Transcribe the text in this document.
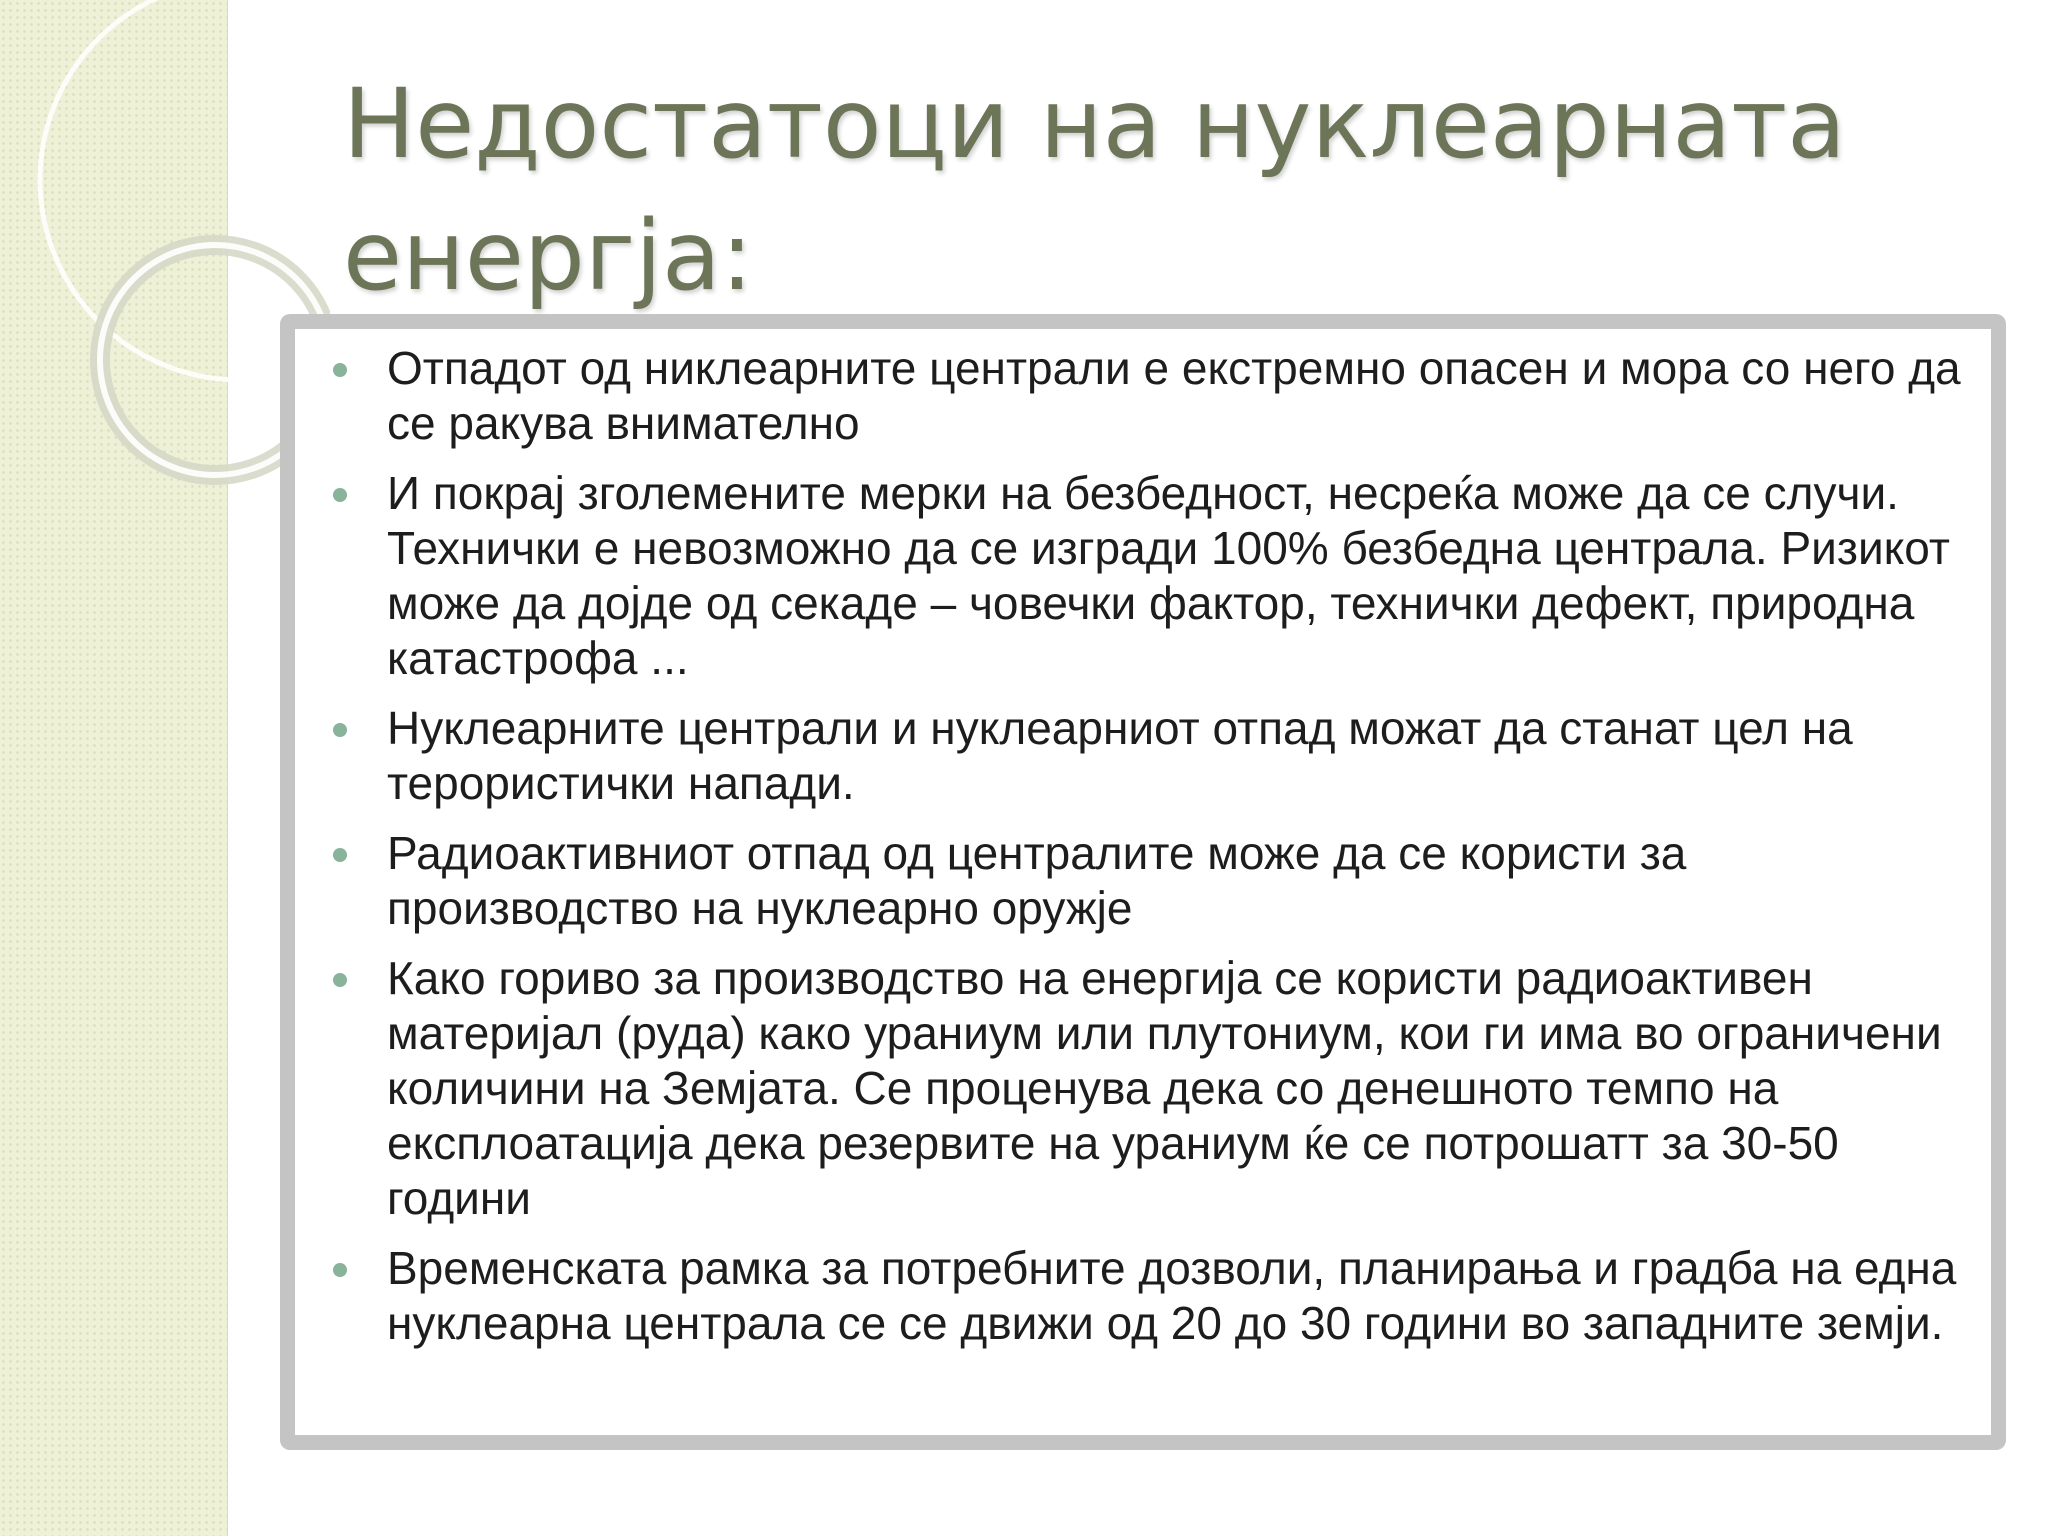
Недостатоци на нуклеарната енергја:
Отпадот од никлеарните централи е екстремно опасен и мора со него да се ракува внимателно
И покрај зголемените мерки на безбедност, несреќа може да се случи. Технички е невозможно да се изгради 100% безбедна централа. Ризикот може да дојде од секаде – човечки фактор, технички дефект, природна катастрофа ...
Нуклеарните централи и нуклеарниот отпад можат да станат цел на терористички напади.
Радиоактивниот отпад од централите може да се користи за производство на нуклеарно оружје
Како гориво за производство на енергија се користи радиоактивен материјал (руда) како ураниум или плутониум, кои ги има во ограничени количини на Земјата. Се проценува дека со денешното темпо на експлоатација дека резервите на ураниум ќе се потрошатт за 30-50 години
Временската рамка за потребните дозволи, планирања и градба на една нуклеарна централа се се движи од 20 до 30 години во западните земји.
